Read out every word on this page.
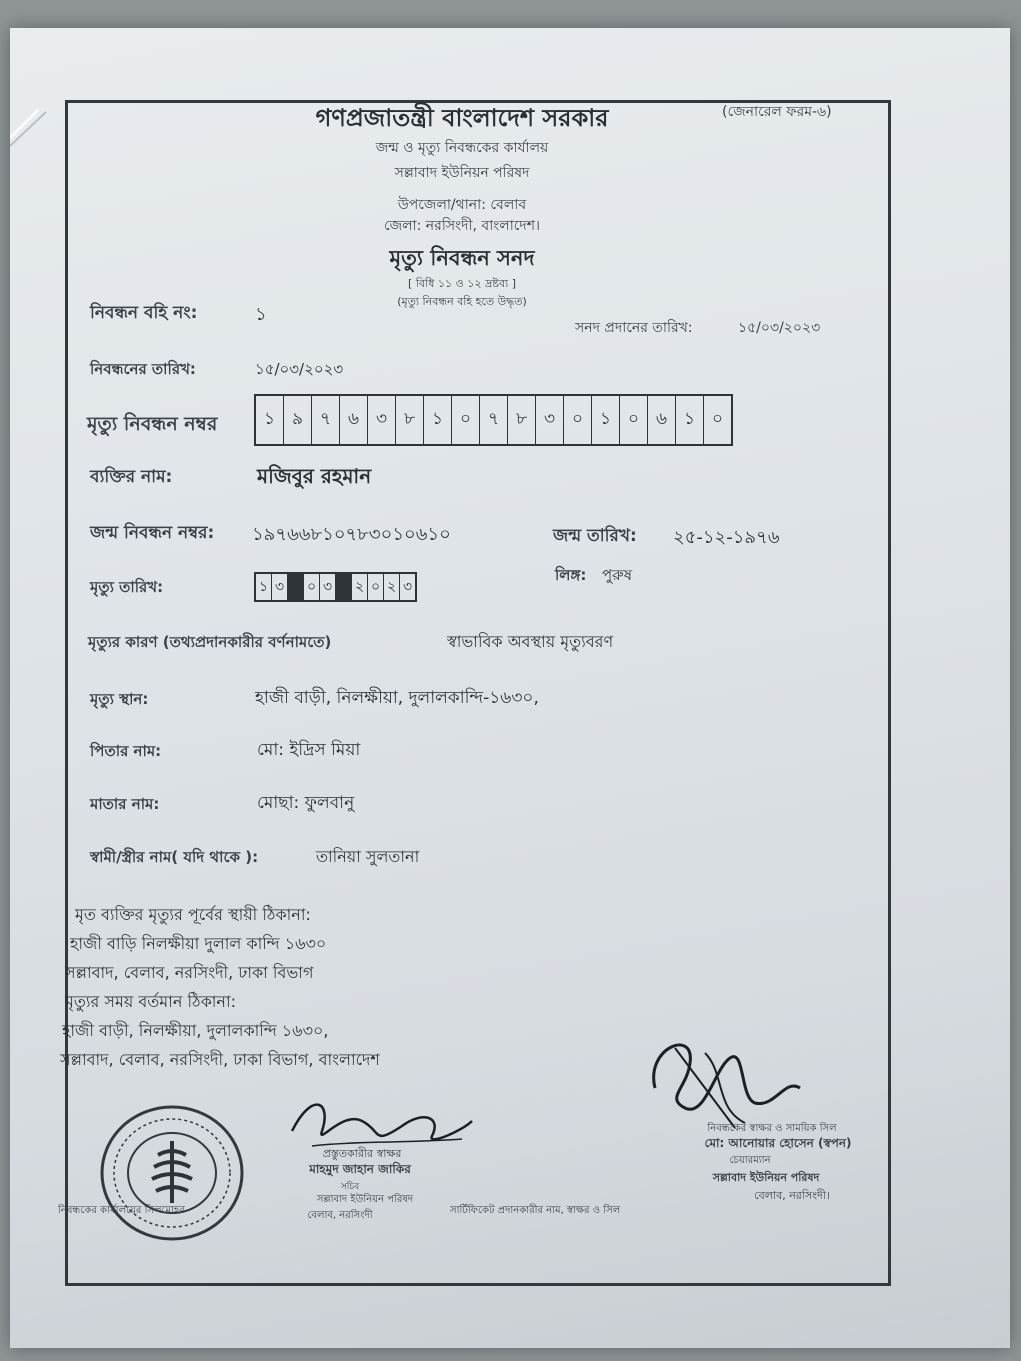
গণপ্রজাতন্ত্রী বাংলাদেশ সরকার	(জেনারেল ফরম-৬)
জন্ম ও মৃত্যু নিবন্ধকের কার্যালয়
সল্লাবাদ ইউনিয়ন পরিষদ
উপজেলা/থানা: বেলাব
জেলা: নরসিংদী, বাংলাদেশ।
মৃত্যু নিবন্ধন সনদ
[ বিধি ১১ ও ১২ দ্রষ্টব্য ]
(মৃত্যু নিবন্ধন বহি হতে উদ্ধৃত)
নিবন্ধন বহি নং:	১
সনদ প্রদানের তারিখ:	১৫/০৩/২০২৩
নিবন্ধনের তারিখ:	১৫/০৩/২০২৩
মৃত্যু নিবন্ধন নম্বর	১ ৯ ৭ ৬ ৩ ৮ ১ ০ ৭ ৮ ৩ ০ ১ ০ ৬ ১ ০
ব্যক্তির নাম:	মজিবুর রহমান
জন্ম নিবন্ধন নম্বর: ১৯৭৬৬৮১০৭৮৩০১০৬১০	জন্ম তারিখ: ২৫-১২-১৯৭৬
মৃত্যু তারিখ:	১ ৩ ০ ৩ ২ ০ ২ ৩
লিঙ্গ: পুরুষ
মৃত্যুর কারণ (তথ্যপ্রদানকারীর বর্ণনামতে)	স্বাভাবিক অবস্থায় মৃত্যুবরণ
মৃত্যু স্থান:	হাজী বাড়ী, নিলক্ষীয়া, দুলালকান্দি-১৬৩০,
পিতার নাম:	মো: ইদ্রিস মিয়া
মাতার নাম:	মোছা: ফুলবানু
স্বামী/স্ত্রীর নাম( যদি থাকে ):	তানিয়া সুলতানা
মৃত ব্যক্তির মৃত্যুর পূর্বের স্থায়ী ঠিকানা:
হাজী বাড়ি নিলক্ষীয়া দুলাল কান্দি ১৬৩০
সল্লাবাদ, বেলাব, নরসিংদী, ঢাকা বিভাগ
মৃত্যুর সময় বর্তমান ঠিকানা:
হাজী বাড়ী, নিলক্ষীয়া, দুলালকান্দি ১৬৩০,
সল্লাবাদ, বেলাব, নরসিংদী, ঢাকা বিভাগ, বাংলাদেশ
প্রস্তুতকারীর স্বাক্ষর
মাহমুদ জাহান জাকির
সচিব
সল্লাবাদ ইউনিয়ন পরিষদ
বেলাব, নরসিংদী
নিবন্ধকের কার্যালয়ের সিলমোহর	সার্টিফিকেট প্রদানকারীর নাম, স্বাক্ষর ও সিল
নিবন্ধকের স্বাক্ষর ও সাময়িক সিল
মো: আনোয়ার হোসেন (স্বপন)
চেয়ারম্যান
সল্লাবাদ ইউনিয়ন পরিষদ
বেলাব, নরসিংদী।
